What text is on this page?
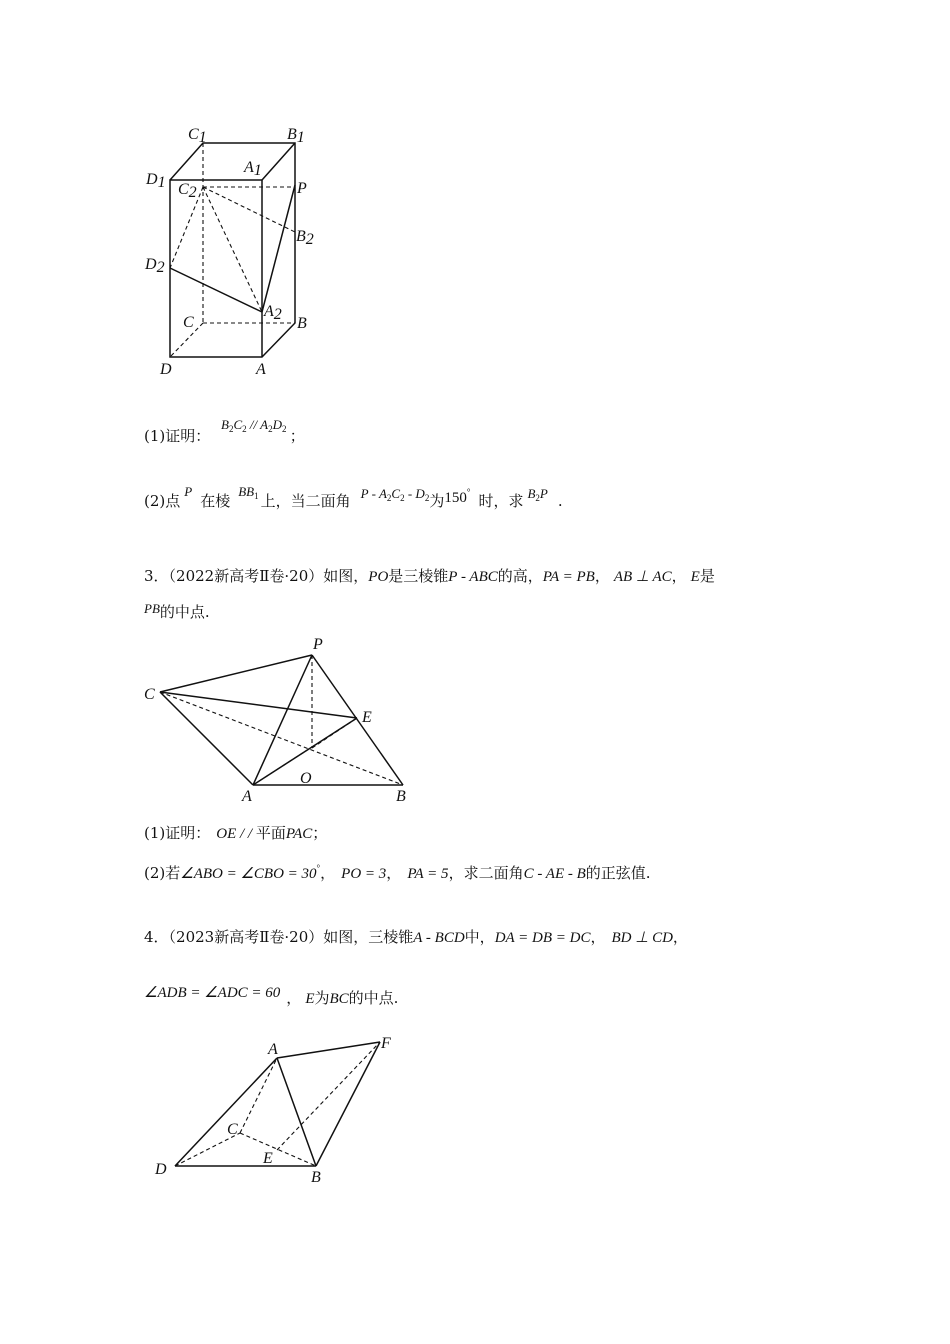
C1	B1
A1
D1 C2	P
B2
D2
A2
C	B
D	A
(1)证明： $B_2C_2 // A_2D_2$ ；
(2)点P在棱$BB_1$ 上，当二面角 P - $A_2C_2 - D_2$为150° 时，求 $B_2P$ .
3．（2022新高考Ⅱ卷·20）如图，PO是三棱锥P - ABC的高，PA = PB， AB ⊥ AC， E是
PB的中点.
P
C
E
O
A	B
(1)证明： OE / / 平面PAC；
(2)若∠ABO = ∠CBO = 30°， PO = 3， PA = 5，求二面角C - AE - B的正弦值.
4．（2023新高考Ⅱ卷·20）如图，三棱锥A - BCD中，DA = DB = DC， BD ⊥ CD，
∠ADB = ∠ADC = 60 ， E为BC的中点.
A	F
C
E
D	B
